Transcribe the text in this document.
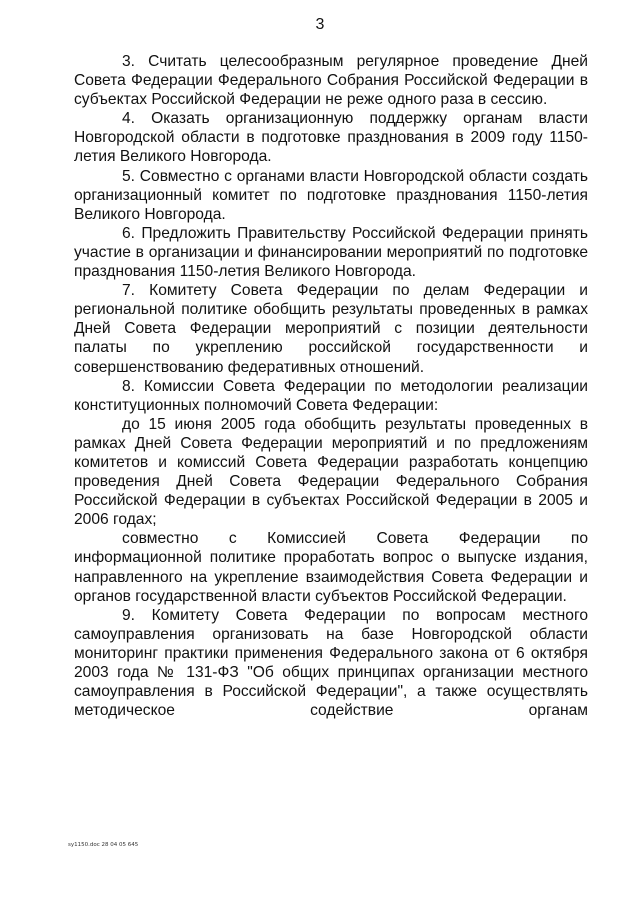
3

3. Считать целесообразным регулярное проведение Дней Совета Федерации Федерального Собрания Российской Федерации в субъектах Российской Федерации не реже одного раза в сессию.

4. Оказать организационную поддержку органам власти Новгородской области в подготовке празднования в 2009 году 1150-летия Великого Новгорода.

5. Совместно с органами власти Новгородской области создать организационный комитет по подготовке празднования 1150-летия Великого Новгорода.

6. Предложить Правительству Российской Федерации принять участие в организации и финансировании мероприятий по подготовке празднования 1150-летия Великого Новгорода.

7. Комитету Совета Федерации по делам Федерации и региональной политике обобщить результаты проведенных в рамках Дней Совета Федерации мероприятий с позиции деятельности палаты по укреплению российской государственности и совершенствованию федеративных отношений.

8. Комиссии Совета Федерации по методологии реализации конституционных полномочий Совета Федерации:

до 15 июня 2005 года обобщить результаты проведенных в рамках Дней Совета Федерации мероприятий и по предложениям комитетов и комиссий Совета Федерации разработать концепцию проведения Дней Совета Федерации Федерального Собрания Российской Федерации в субъектах Российской Федерации в 2005 и 2006 годах;

совместно с Комиссией Совета Федерации по информационной политике проработать вопрос о выпуске издания, направленного на укрепление взаимодействия Совета Федерации и органов государственной власти субъектов Российской Федерации.

9. Комитету Совета Федерации по вопросам местного самоуправления организовать на базе Новгородской области мониторинг практики применения Федерального закона от 6 октября 2003 года № 131-ФЗ "Об общих принципах организации местного самоуправления в Российской Федерации", а также осуществлять методическое содействие органам

sy1150.doc 28 04 05 645
